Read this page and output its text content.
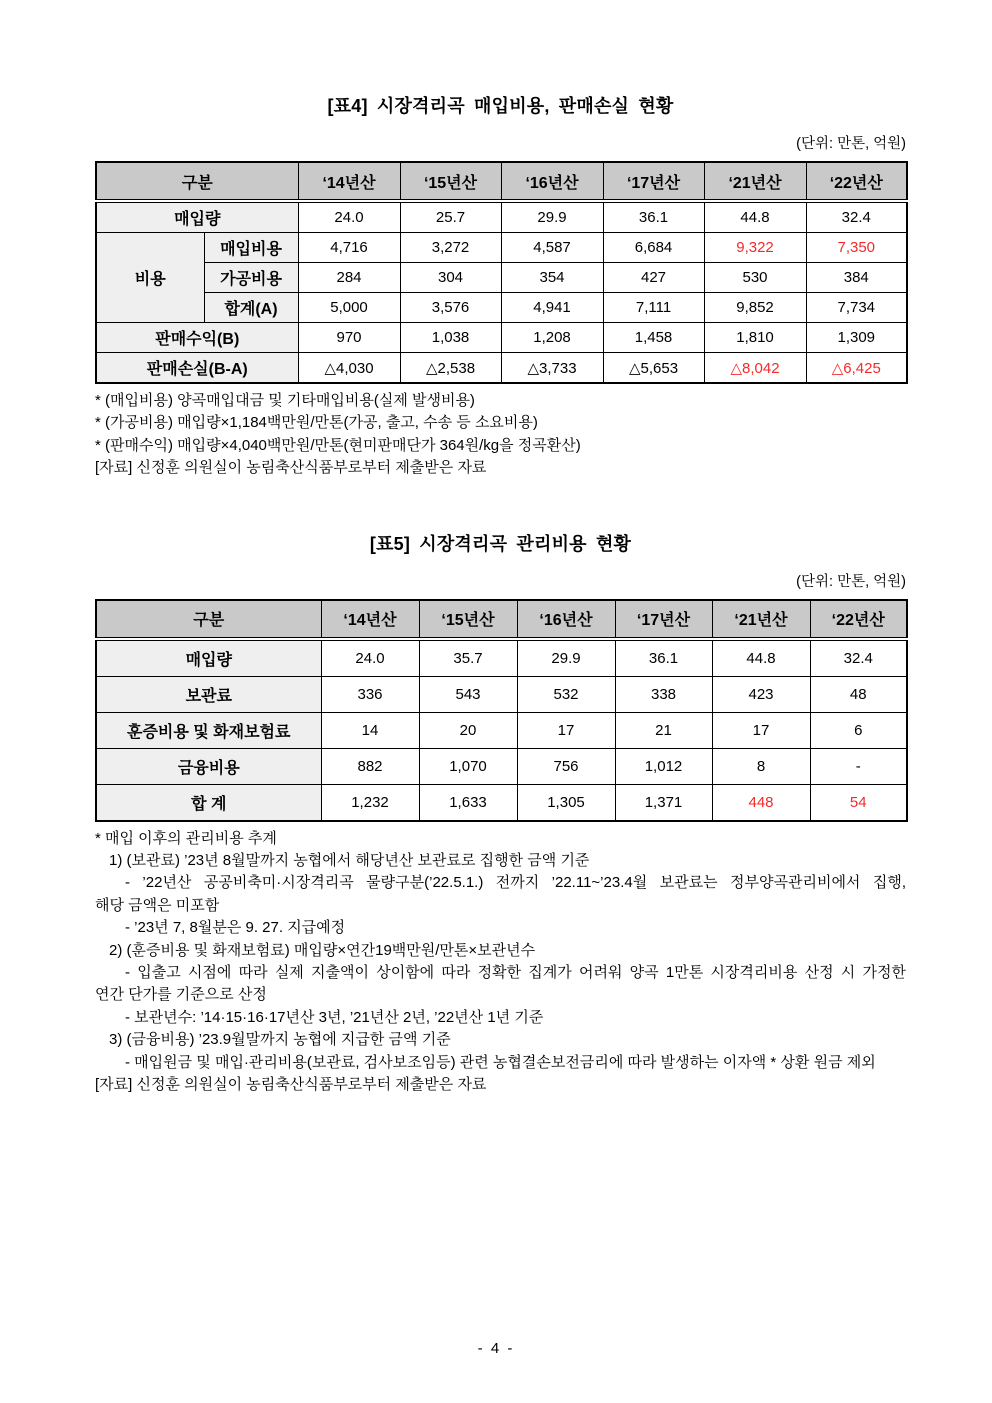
[표4] 시장격리곡 매입비용, 판매손실 현황
(단위: 만톤, 억원)
구분		‘14년산	‘15년산	‘16년산	‘17년산	‘21년산	‘22년산
매입량		24.0	25.7	29.9	36.1	44.8	32.4
비용	매입비용	4,716	3,272	4,587	6,684	9,322	7,350
	가공비용	284	304	354	427	530	384
	합계(A)	5,000	3,576	4,941	7,111	9,852	7,734
판매수익(B)		970	1,038	1,208	1,458	1,810	1,309
판매손실(B-A)		△4,030	△2,538	△3,733	△5,653	△8,042	△6,425
* (매입비용) 양곡매입대금 및 기타매입비용(실제 발생비용)
* (가공비용) 매입량×1,184백만원/만톤(가공, 출고, 수송 등 소요비용)
* (판매수익) 매입량×4,040백만원/만톤(현미판매단가 364원/kg을 정곡환산)
[자료] 신정훈 의원실이 농림축산식품부로부터 제출받은 자료
[표5] 시장격리곡 관리비용 현황
(단위: 만톤, 억원)
구분	‘14년산	‘15년산	‘16년산	‘17년산	‘21년산	‘22년산
매입량	24.0	35.7	29.9	36.1	44.8	32.4
보관료	336	543	532	338	423	48
훈증비용 및 화재보험료	14	20	17	21	17	6
금융비용	882	1,070	756	1,012	8	-
합 계	1,232	1,633	1,305	1,371	448	54
* 매입 이후의 관리비용 추계
1) (보관료) ’23년 8월말까지 농협에서 해당년산 보관료로 집행한 금액 기준
- ’22년산 공공비축미·시장격리곡 물량구분(’22.5.1.) 전까지 ’22.11~’23.4월 보관료는 정부양곡관리비에서 집행,
해당 금액은 미포함
- ’23년 7, 8월분은 9. 27. 지급예정
2) (훈증비용 및 화재보험료) 매입량×연간19백만원/만톤×보관년수
- 입출고 시점에 따라 실제 지출액이 상이함에 따라 정확한 집계가 어려워 양곡 1만톤 시장격리비용 산정 시 가정한
연간 단가를 기준으로 산정
- 보관년수: ’14·15·16·17년산 3년, ’21년산 2년, ’22년산 1년 기준
3) (금융비용) ’23.9월말까지 농협에 지급한 금액 기준
- 매입원금 및 매입·관리비용(보관료, 검사보조임등) 관련 농협결손보전금리에 따라 발생하는 이자액 * 상환 원금 제외
[자료] 신정훈 의원실이 농림축산식품부로부터 제출받은 자료
- 4 -
